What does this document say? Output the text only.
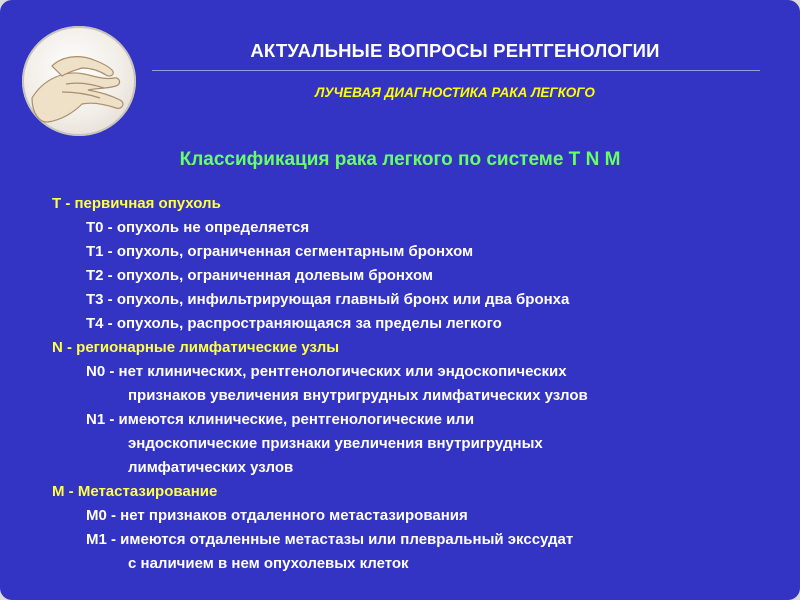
АКТУАЛЬНЫЕ ВОПРОСЫ РЕНТГЕНОЛОГИИ
ЛУЧЕВАЯ ДИАГНОСТИКА РАКА ЛЕГКОГО
Классификация рака легкого по системе T N M
Т - первичная опухоль
Т0 - опухоль не определяется
Т1 - опухоль, ограниченная сегментарным бронхом
Т2 - опухоль, ограниченная долевым бронхом
Т3 - опухоль, инфильтрирующая главный бронх или два бронха
Т4 - опухоль, распространяющаяся за пределы легкого
N - регионарные лимфатические узлы
N0 - нет клинических, рентгенологических или эндоскопических
признаков увеличения внутригрудных лимфатических узлов
N1 - имеются клинические, рентгенологические или
эндоскопические признаки увеличения внутригрудных
лимфатических узлов
М - Метастазирование
М0 - нет признаков отдаленного метастазирования
М1 - имеются отдаленные метастазы или плевральный экссудат
с наличием в нем опухолевых клеток
